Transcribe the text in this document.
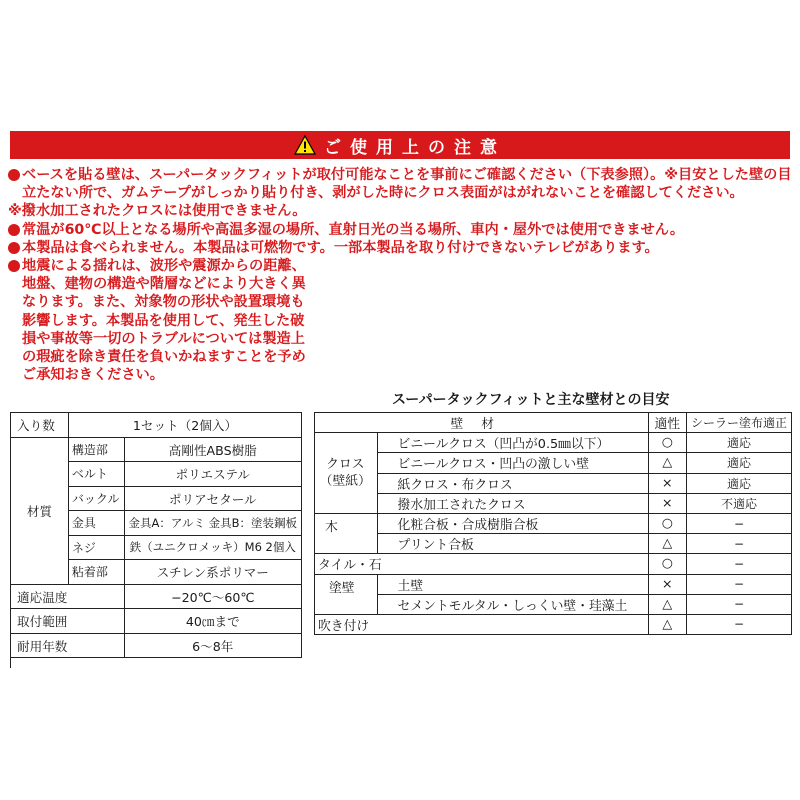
ご使用上の注意
ベースを貼る壁は、スーパータックフィットが取付可能なことを事前にご確認ください（下表参照）。※目安とした壁の目立たない所で、ガムテープがしっかり貼り付き、剥がした時にクロス表面がはがれないことを確認してください。
※撥水加工されたクロスには使用できません。
常温が60℃以上となる場所や高温多湿の場所、直射日光の当る場所、車内・屋外では使用できません。
本製品は食べられません。本製品は可燃物です。一部本製品を取り付けできないテレビがあります。
地震による揺れは、波形や震源からの距離、地盤、建物の構造や階層などにより大きく異なります。また、対象物の形状や設置環境も影響します。本製品を使用して、発生した破損や事故等一切のトラブルについては製造上の瑕疵を除き責任を負いかねますことを予めご承知おきください。
入り数	1セット（2個入）	
材質	構造部	高剛性ABS樹脂
	ベルト	ポリエステル
	バックル	ポリアセタール
	金具	金具A：アルミ 金具B：塗装鋼板
	ネジ	鉄（ユニクロメッキ）M6 2個入
	粘着部	スチレン系ポリマー
適応温度		−20℃〜60℃
取付範囲		40㎝まで
耐用年数		6〜8年

スーパータックフィットと主な壁材との目安
壁材		適性	シーラー塗布適正

クロス
（壁紙）	ビニールクロス（凹凸が0.5㎜以下）	○	適応
	ビニールクロス・凹凸の激しい壁	△	適応
	紙クロス・布クロス	×	適応
	撥水加工されたクロス	×	不適応
木	化粧合板・合成樹脂合板	○	−
	プリント合板	△	−
タイル・石		○	−
塗壁	土壁	×	−
	セメントモルタル・しっくい壁・珪藻土	△	−
吹き付け		△	−
